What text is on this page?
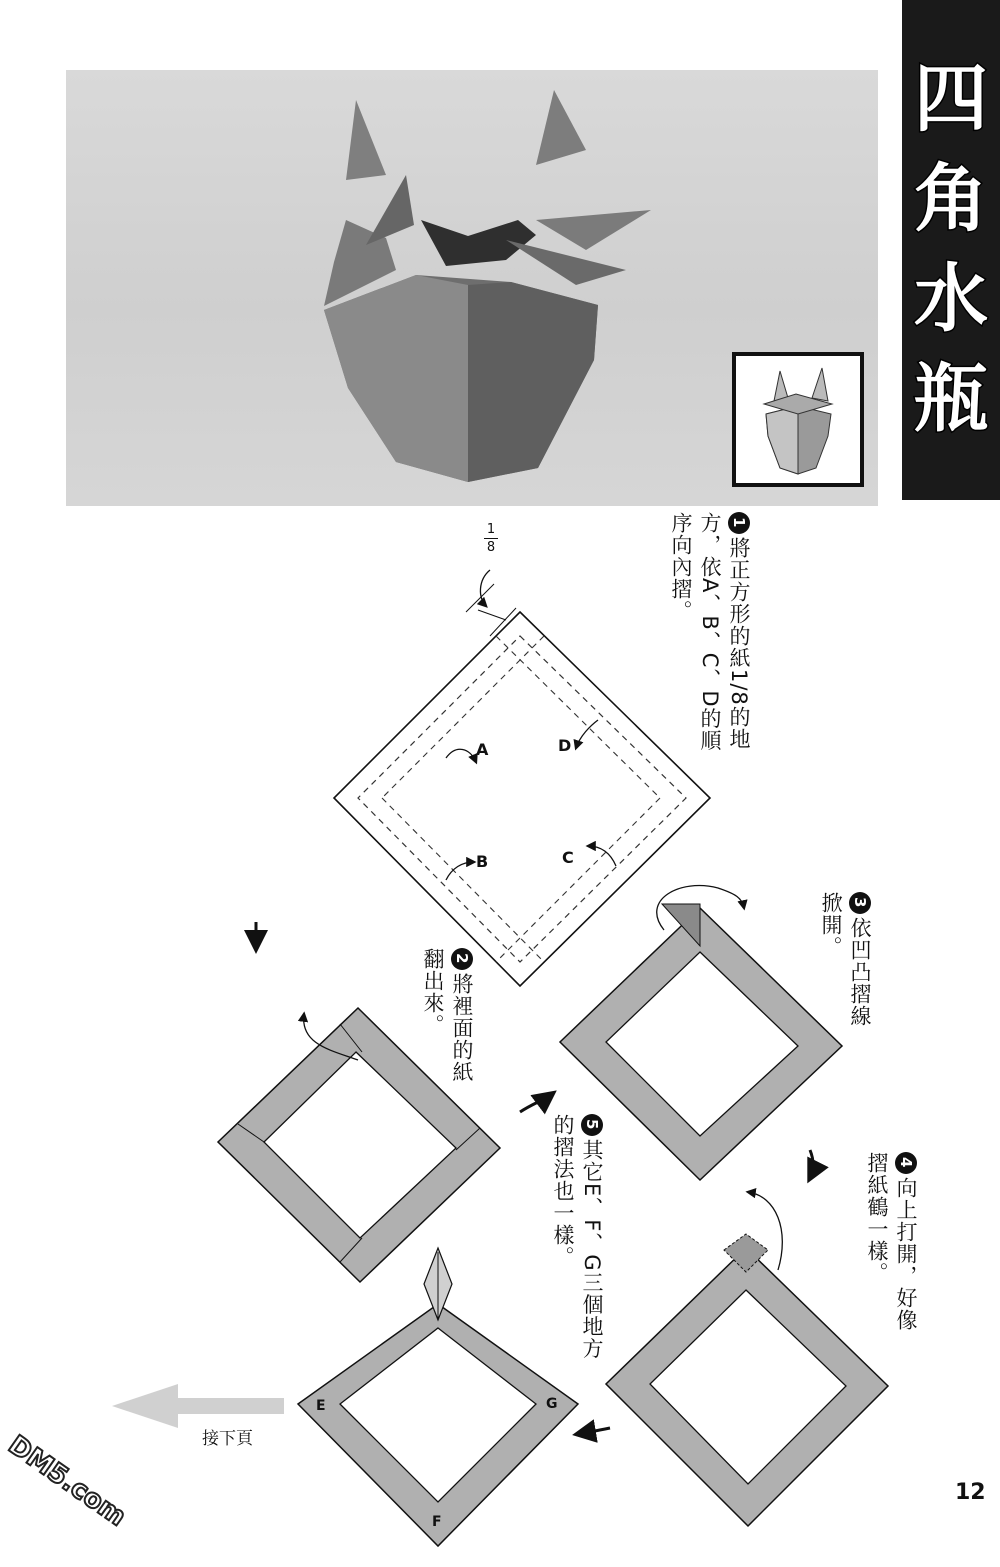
四
角
水
瓶
1
8
A	D
B	C
E	G
F
1將正方形的紙1/8的地方，依A、B、C、D的順序向內摺。
2將裡面的紙翻出來。
3依凹凸摺線掀開。
4向上打開，好像摺紙鶴一樣。
5其它E、F、G三個地方的摺法也一樣。
接下頁
12
DM5.com
